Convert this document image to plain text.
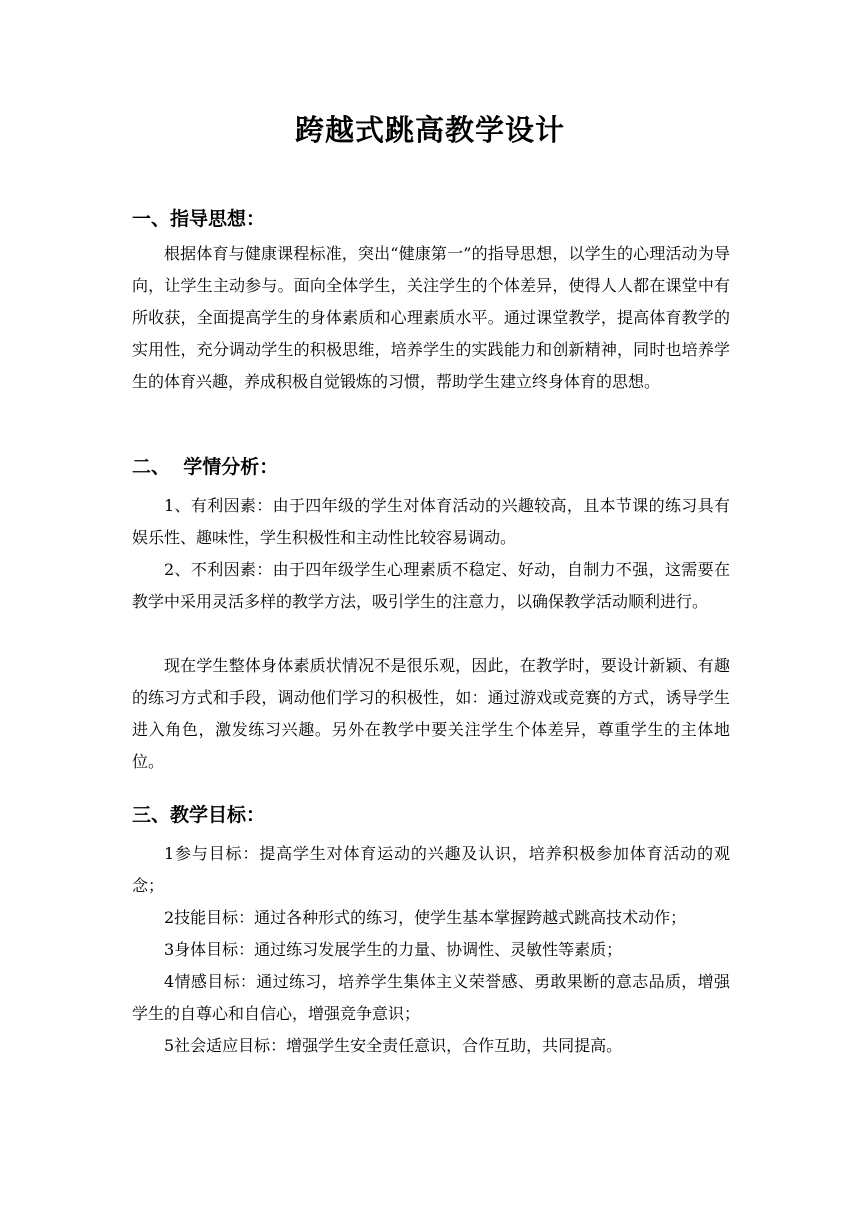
跨越式跳高教学设计
一、指导思想：

根据体育与健康课程标准，突出“健康第一”的指导思想，以学生的心理活动为导向，让学生主动参与。面向全体学生，关注学生的个体差异，使得人人都在课堂中有所收获，全面提高学生的身体素质和心理素质水平。通过课堂教学，提高体育教学的实用性，充分调动学生的积极思维，培养学生的实践能力和创新精神，同时也培养学生的体育兴趣，养成积极自觉锻炼的习惯，帮助学生建立终身体育的思想。

二、  学情分析：

1、有利因素：由于四年级的学生对体育活动的兴趣较高，且本节课的练习具有娱乐性、趣味性，学生积极性和主动性比较容易调动。

2、不利因素：由于四年级学生心理素质不稳定、好动，自制力不强，这需要在教学中采用灵活多样的教学方法，吸引学生的注意力，以确保教学活动顺利进行。

现在学生整体身体素质状情况不是很乐观，因此，在教学时，要设计新颖、有趣的练习方式和手段，调动他们学习的积极性，如：通过游戏或竞赛的方式，诱导学生进入角色，激发练习兴趣。另外在教学中要关注学生个体差异，尊重学生的主体地位。

三、教学目标：

1参与目标：提高学生对体育运动的兴趣及认识，培养积极参加体育活动的观念；

2技能目标：通过各种形式的练习，使学生基本掌握跨越式跳高技术动作；

3身体目标：通过练习发展学生的力量、协调性、灵敏性等素质；

4情感目标：通过练习，培养学生集体主义荣誉感、勇敢果断的意志品质，增强学生的自尊心和自信心，增强竞争意识；

5社会适应目标：增强学生安全责任意识，合作互助，共同提高。
